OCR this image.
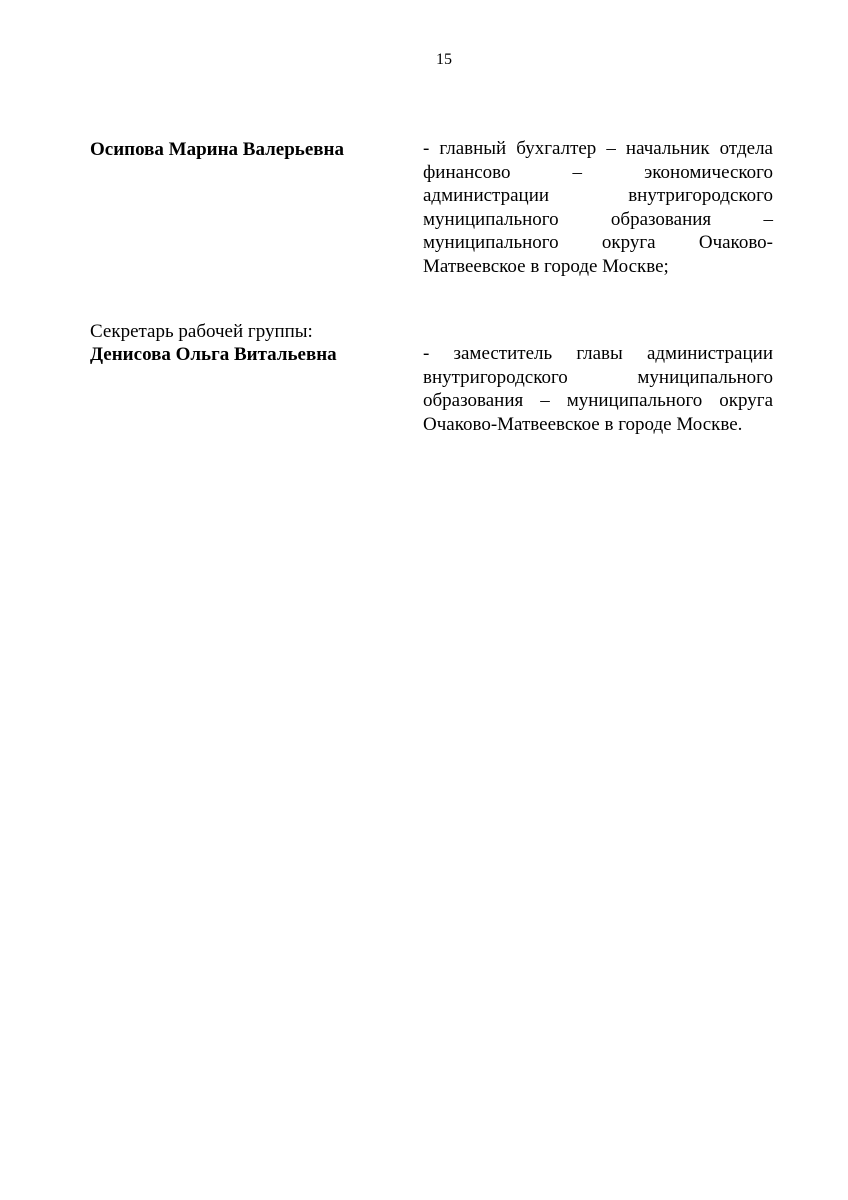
15
Осипова Марина Валерьевна	- главный бухгалтер – начальник отдела
финансово – экономического
администрации внутригородского
муниципального образования –
муниципального округа Очаково-
Матвеевское в городе Москве;
Секретарь рабочей группы:
Денисова Ольга Витальевна	- заместитель главы администрации
внутригородского муниципального
образования – муниципального округа
Очаково-Матвеевское в городе Москве.
